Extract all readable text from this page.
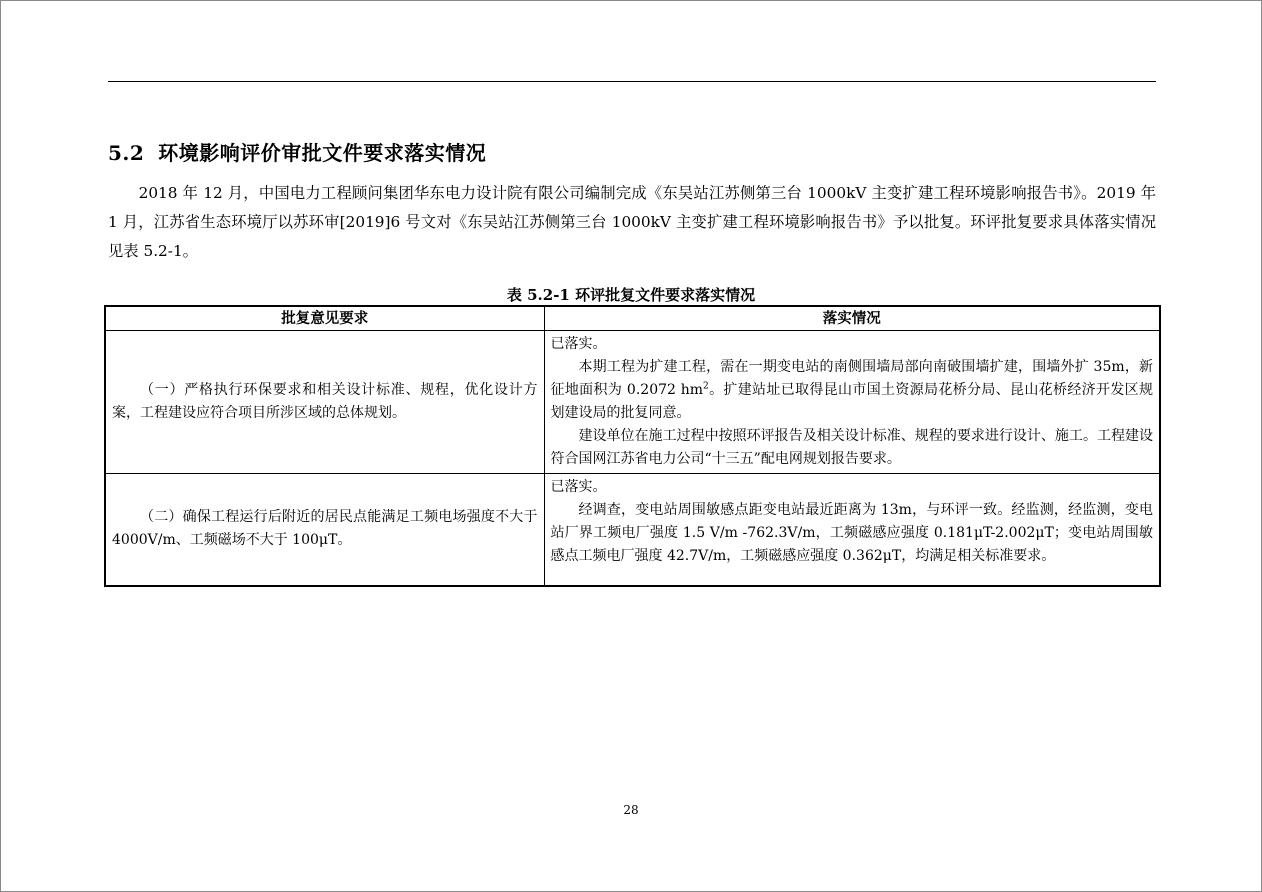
5.2 环境影响评价审批文件要求落实情况
2018 年 12 月，中国电力工程顾问集团华东电力设计院有限公司编制完成《东吴站江苏侧第三台 1000kV 主变扩建工程环境影响报告书》。2019 年 1 月，江苏省生态环境厅以苏环审[2019]6 号文对《东吴站江苏侧第三台 1000kV 主变扩建工程环境影响报告书》予以批复。环评批复要求具体落实情况见表 5.2-1。
表 5.2-1 环评批复文件要求落实情况
批复意见要求	落实情况

（一）严格执行环保要求和相关设计标准、规程，优化设计方案，工程建设应符合项目所涉区域的总体规划。	已落实。

本期工程为扩建工程，需在一期变电站的南侧围墙局部向南破围墙扩建，围墙外扩 35m，新征地面积为 0.2072 $hm^2$。扩建站址已取得昆山市国土资源局花桥分局、昆山花桥经济开发区规划建设局的批复同意。

建设单位在施工过程中按照环评报告及相关设计标准、规程的要求进行设计、施工。工程建设符合国网江苏省电力公司“十三五”配电网规划报告要求。

（二）确保工程运行后附近的居民点能满足工频电场强度不大于 4000V/m、工频磁场不大于 100μT。	已落实。

经调查，变电站周围敏感点距变电站最近距离为 13m，与环评一致。经监测，经监测，变电站厂界工频电厂强度 1.5 V/m -762.3V/m，工频磁感应强度 0.181μT-2.002μT；变电站周围敏感点工频电厂强度 42.7V/m，工频磁感应强度 0.362μT，均满足相关标准要求。

28
